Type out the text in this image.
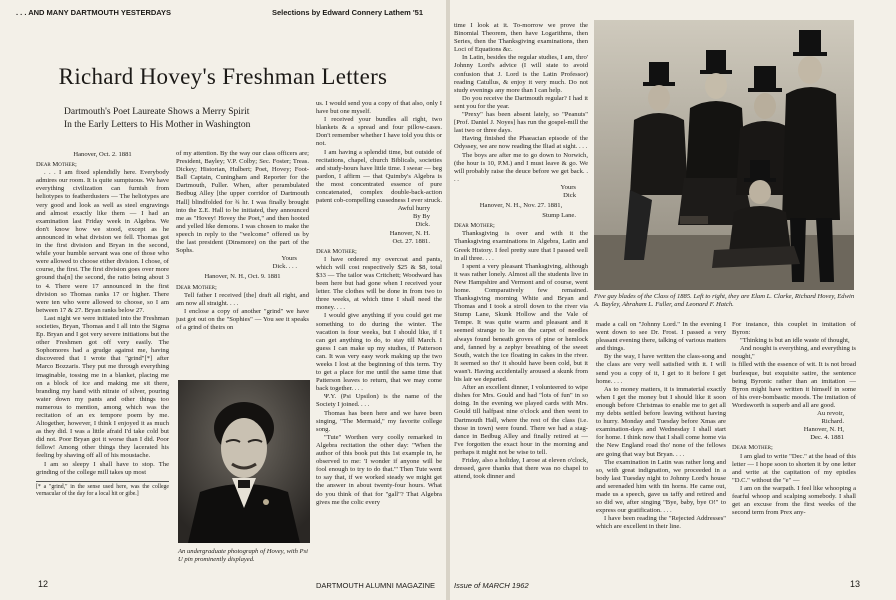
. . . AND MANY DARTMOUTH YESTERDAYS	Selections by Edward Connery Lathem '51
Richard Hovey's Freshman Letters
Dartmouth's Poet Laureate Shows a Merry Spirit
In the Early Letters to His Mother in Washington

Hanover, Oct. 2. 1881

Dear Mother;

. . . I am fixed splendidly here. Everybody admires our room. It is quite sumptuous. We have everything civilization can furnish from heliotypes to featherdusters — The heliotypes are very good and look as well as steel engravings and almost exactly like them — I had an examination last Friday week in Algebra. We don't know how we stood, except as he announced in what division we fell. Thomas got in the first division and Bryan in the second, while your humble servant was one of those who were allowed to choose either division. I chose, of course, the first. The first division goes over more ground tha[n] the second, the ratio being about 3 to 4. There were 17 announced in the first division so Thomas ranks 17 or higher. There were ten who were allowed to choose, so I am between 17 & 27. Bryan ranks below 27.

Last night we were initiated into the Freshman societies, Bryan, Thomas and I all into the Sigma Ep. Bryan and I got very severe initiations but the other Freshmen got off very easily. The Sophomores had a grudge against me, having discovered that I wrote that "grind"[*] after Marco Bozzaris. They put me through everything imaginable, tossing me in a blanket, placing me on a block of ice and making me sit there, branding my hand with nitrate of silver, pouring water down my pants and other things too numerous to mention, among which was the recitation of an ex tempore poem by me. Altogether, however, I think I enjoyed it as much as they did. I was a little afraid I'd take cold but did not. Poor Bryan got it worse than I did. Poor fellow! Among other things they lacerated his feeling by shaving off all of his moustache.

I am so sleepy I shall have to stop. The grinding of the college mill takes up most

[* a "grind," in the sense used here, was the college vernacular of the day for a local hit or gibe.]

of my attention. By the way our class officers are; President, Bayley; V.P. Colby; Sec. Foster; Treas. Dickey; Historian, Hulbert; Poet, Hovey; Foot-Ball Captain, Cuningham and Reporter for the Dartmouth, Fuller. When, after perambulated Bedbug Alley [the upper corridor of Dartmouth Hall] blindfolded for ¾ hr. I was finally brought into the Σ.E. Hall to be initiated, they announced me as "Hovey! Hovey the Poet," and then hooted and yelled like demons. I was chosen to make the speech in reply to the "welcome" offered us by the last president (Dinsmore) on the part of the Sophs.

Yours

Dick. . . .

Hanover, N. H., Oct. 9. 1881

Dear Mother;

Tell father I received [the] draft all right, and am now all straight. . . .

I enclose a copy of another "grind" we have just got out on the "Sophies" — You see it speaks of a grind of theirs on

An undergraduate photograph of Hovey, with Psi U pin prominently displayed.

us. I would send you a copy of that also, only I have but one myself.

I received your bundles all right, two blankets & a spread and four pillow-cases. Don't remember whether I have told you this or not.

I am having a splendid time, but outside of recitations, chapel, church Biblicals, societies and study-hours have little time. I swear — beg pardon, I affirm — that Quimby's Algebra is the most concentrated essence of pure concatenated, complex double-back-action patent cob-compelling cussedness I ever struck.

Awful hurry

By By

Dick.

Hanover, N. H.

Oct. 27. 1881.

Dear Mother;

I have ordered my overcoat and pants, which will cost respectively $25 & $8, total $33 — The tailor was Critchett; Woodward has been here but had gone when I received your letter. The clothes will be done in from two to three weeks, at which time I shall need the money. . . .

I would give anything if you could get me something to do during the winter. The vacation is four weeks, but I should like, if I can get anything to do, to stay till March. I guess I can make up my studies, if Patterson can. It was very easy work making up the two weeks I lost at the beginning of this term. Try to get a place for me until the same time that Patterson leaves to return, that we may come back together. . . .

Ψ.Υ. (Psi Upsilon) is the name of the Society I joined. . . .

Thomas has been here and we have been singing, "The Mermaid," my favorite college song.

"Tute" Worthen very coolly remarked in Algebra recitation the other day: "When the author of this book put this 1st example in, he observed to me: 'I wonder if anyone will be fool enough to try to do that.'" Then Tute went to say that, if we worked steady we might get the answer in about twenty-four hours. What do you think of that for "gall"? That Algebra gives me the colic every

12	DARTMOUTH ALUMNI MAGAZINE

time I look at it. To-morrow we prove the Binomial Theorem, then have Logarithms, then Series, then the Thanksgiving examinations, then Loci of Equations &c.

In Latin, besides the regular studies, I am, thro' Johnny Lord's advice (I will state to avoid confusion that J. Lord is the Latin Professor) reading Catullus, & enjoy it very much. Do not study evenings any more than I can help.

Do you receive the Dartmouth regular? I had it sent you for the year.

"Prexy" has been absent lately, so "Peanuts" [Prof. Daniel J. Noyes] has run the gospel-mill the last two or three days.

Having finished the Phaeacian episode of the Odyssey, we are now reading the Iliad at sight. . . .

The boys are after me to go down to Norwich, (the hour is 10, P.M.) and I must leave & go. We will probably raise the deuce before we get back. . . .

Yours

Dick

Hanover, N. H., Nov. 27. 1881,

Stump Lane.

Dear Mother;

Thanksgiving is over and with it the Thanksgiving examinations in Algebra, Latin and Greek History. I feel pretty sure that I passed well in all three. . . .

I spent a very pleasant Thanksgiving, although it was rather lonely. Almost all the students live in New Hampshire and Vermont and of course, went home. Comparatively few remained. Thanksgiving morning White and Bryan and Thomas and I took a stroll down to the river via Stump Lane, Skunk Hollow and the Vale of Tempe. It was quite warm and pleasant and it seemed strange to lie on the carpet of needles always found beneath groves of pine or hemlock and, fanned by a zephyr breathing of the sweet South, watch the ice floating in cakes in the river. It seemed so tho' it should have been cold, but it wasn't. Having accidentally aroused a skunk from his lair we departed.

After an excellent dinner, I volunteered to wipe dishes for Mrs. Gould and had "lots of fun" in so doing. In the evening we played cards with Mrs. Gould till halfpast nine o'clock and then went to Dartmouth Hall, where the rest of the class (i.e. those in town) were found. There we had a stag-dance in Bedbug Alley and finally retired at — I've forgotten the exact hour in the morning and perhaps it might not be wise to tell.

Friday, also a holiday, I arose at eleven o'clock, dressed, gave thanks that there was no chapel to attend, took dinner and

Five gay blades of the Class of 1885. Left to right, they are Elam L. Clarke, Richard Hovey, Edwin A. Bayley, Abraham L. Fuller, and Leonard F. Hatch.

made a call on "Johnny Lord." In the evening I went down to see Dr. Frost. I passed a very pleasant evening there, talking of various matters and things.

By the way, I have written the class-song and the class are very well satisfied with it. I will send you a copy of it, I get to it before I get home. . . .

As to money matters, it is immaterial exactly when I get the money but I should like it soon enough before Christmas to enable me to get all my debts settled before leaving without having to hurry. Monday and Tuesday before Xmas are examination-days and Wednesday I shall start for home. I think now that I shall come home via the New England road tho' none of the fellows are going that way but Bryan. . . .

The examination in Latin was rather long and so, with great indignation, we proceeded in a body last Tuesday night to Johnny Lord's house and serenaded him with tin horns. He came out, made us a speech, gave us taffy and retired and so did we, after singing "Bye, baby, bye O!" to express our gratification. . . .

I have been reading the "Rejected Addresses" which are excellent in their line.

For instance, this couplet in imitation of Byron:

"Thinking is but an idle waste of thought,

And nought is everything, and everything is nought,"

is filled with the essence of wit. It is not broad burlesque, but exquisite satire, the sentence being Byronic rather than an imitation — Byron might have written it himself in some of his over-bombastic moods. The imitation of Wordsworth is superb and all are good.

Au revoir,

Richard.

Hanover, N. H,

Dec. 4. 1881

Dear Mother;

I am glad to write "Dec." at the head of this letter — I hope soon to shorten it by one letter and write at the capitation of my epistles "D.C." without the "e" —

I am on the warpath. I feel like whooping a fearful whoop and scalping somebody. I shall get an excuse from the first weeks of the second term from Prex any-

Issue of MARCH 1962	13
